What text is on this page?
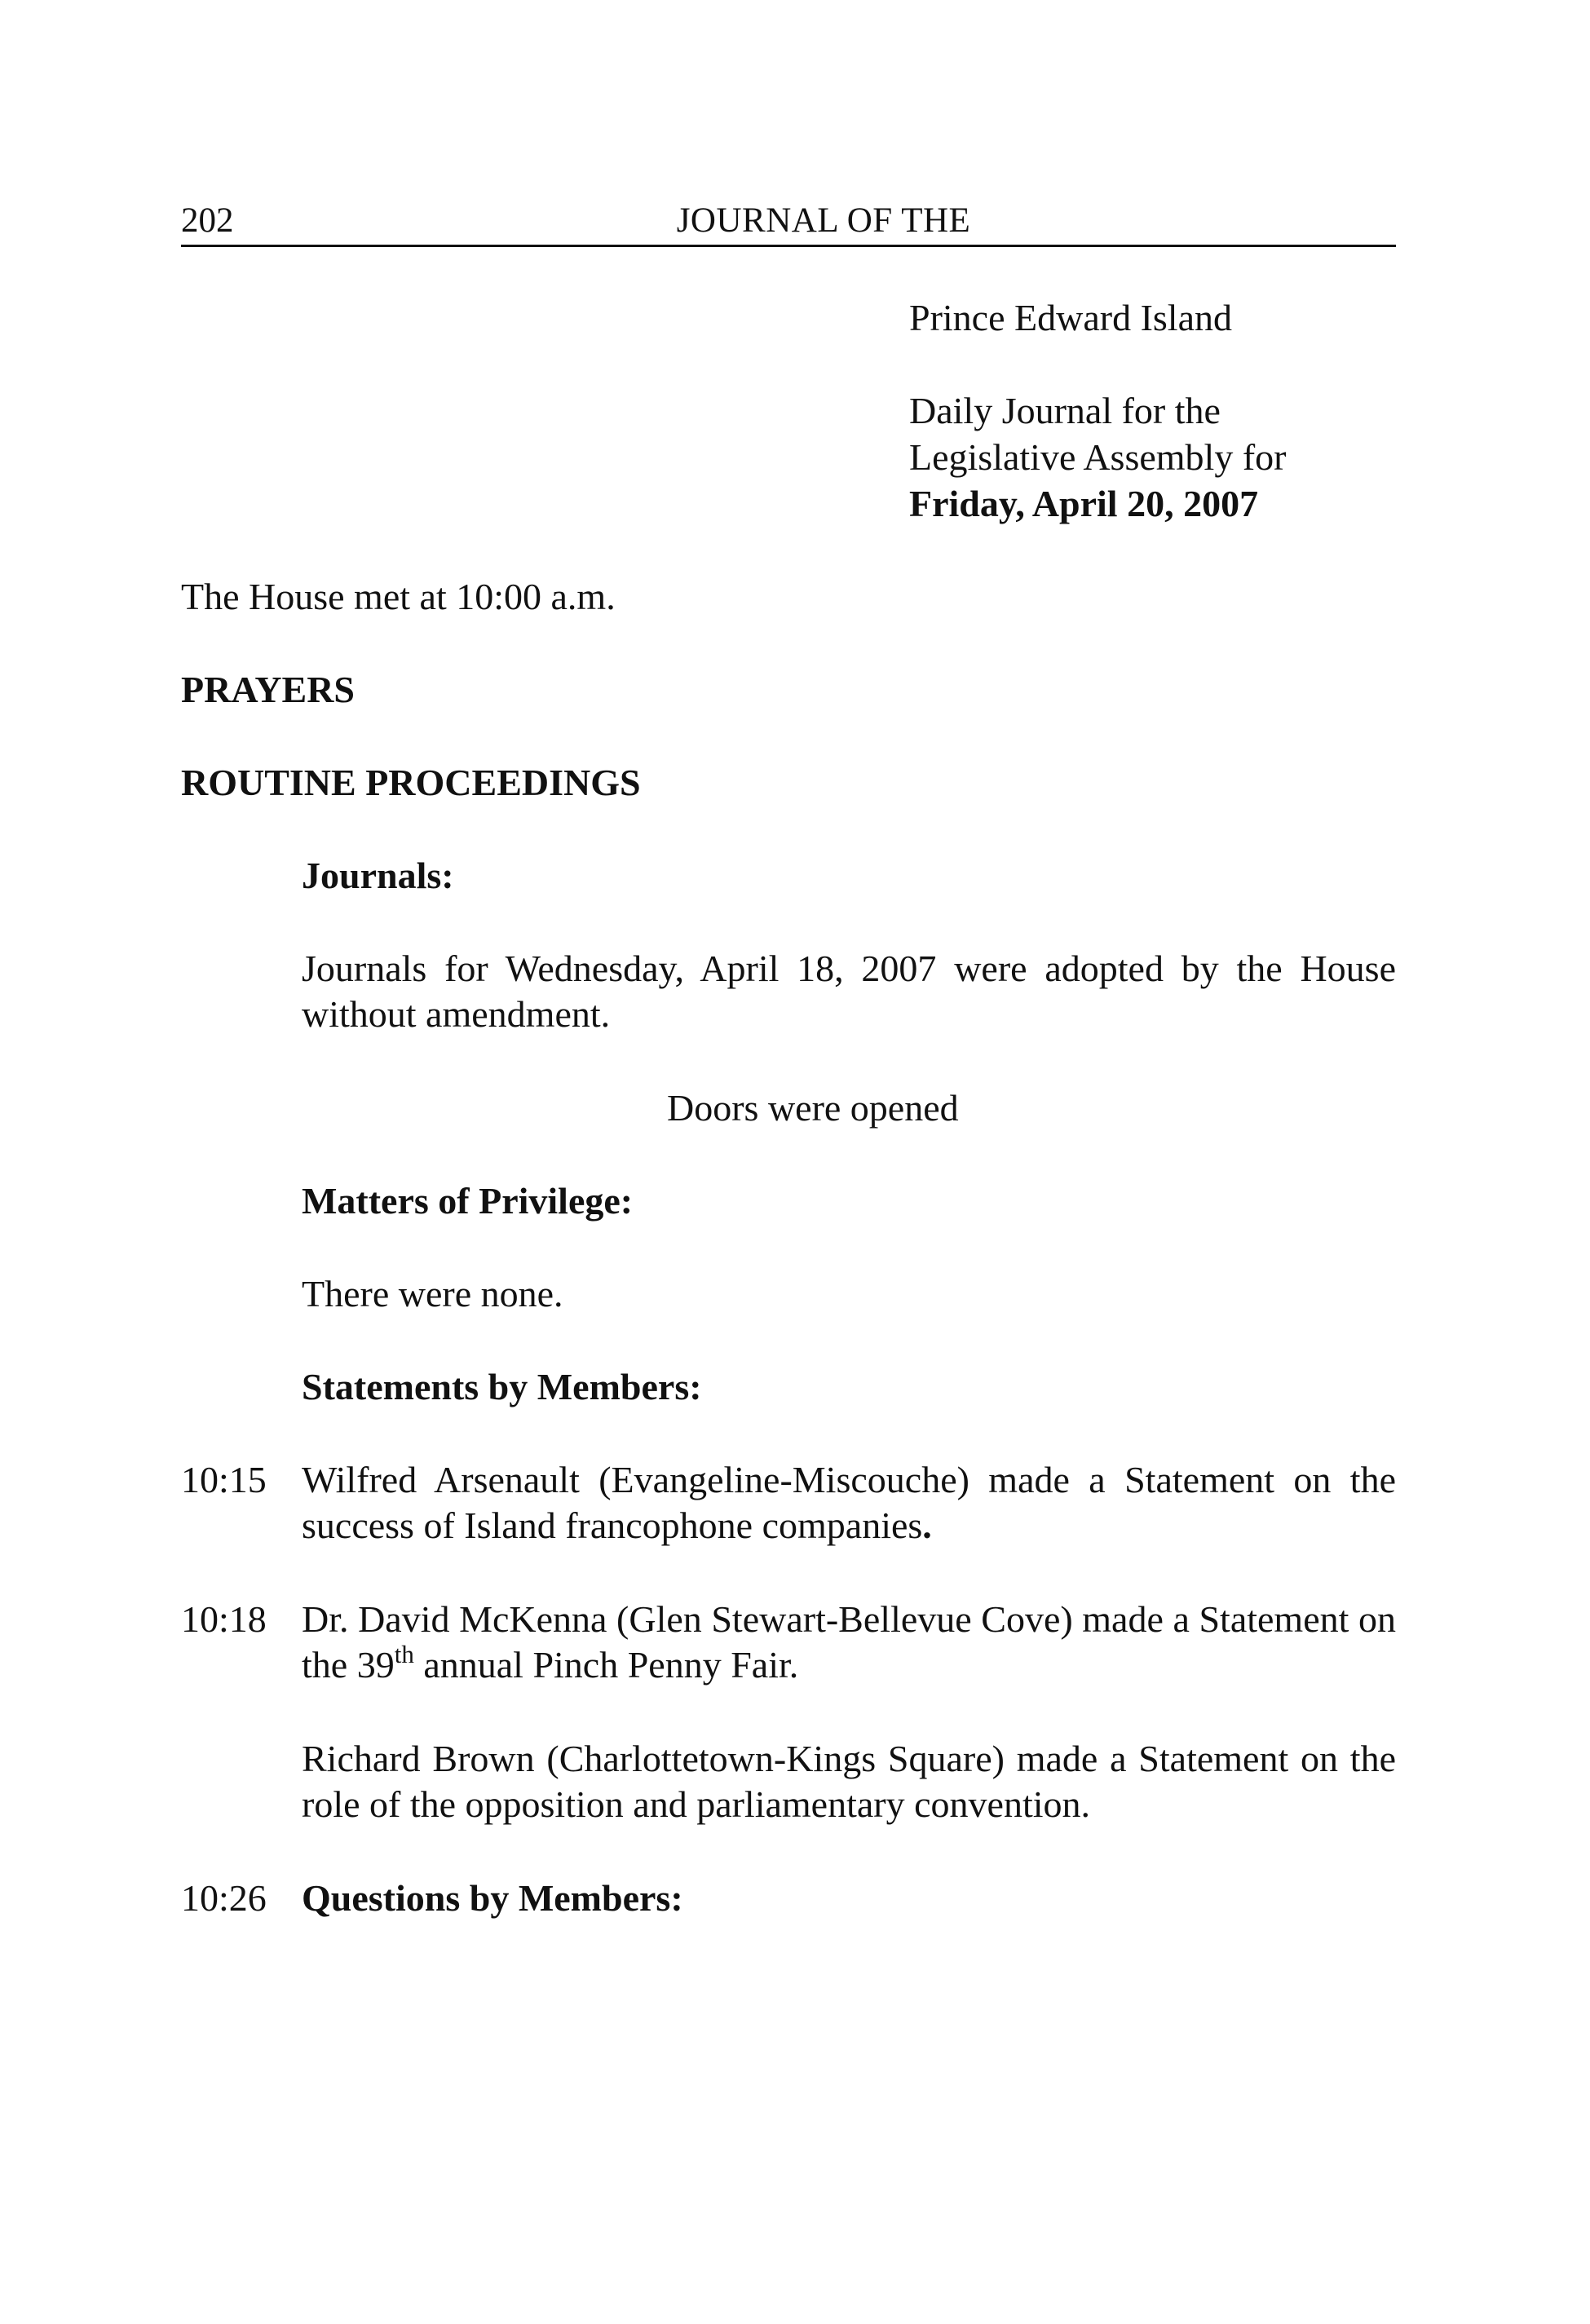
202	JOURNAL OF THE
Prince Edward Island
Daily Journal for the
Legislative Assembly for
Friday, April 20, 2007
The House met at 10:00 a.m.
PRAYERS
ROUTINE PROCEEDINGS
Journals:
Journals for Wednesday, April 18, 2007 were adopted by the House without amendment.
Doors were opened
Matters of Privilege:
There were none.
Statements by Members:
10:15 Wilfred Arsenault (Evangeline-Miscouche) made a Statement on the success of Island francophone companies.
10:18 Dr. David McKenna (Glen Stewart-Bellevue Cove) made a Statement on the 39th annual Pinch Penny Fair.
Richard Brown (Charlottetown-Kings Square) made a Statement on the role of the opposition and parliamentary convention.
10:26 Questions by Members:
